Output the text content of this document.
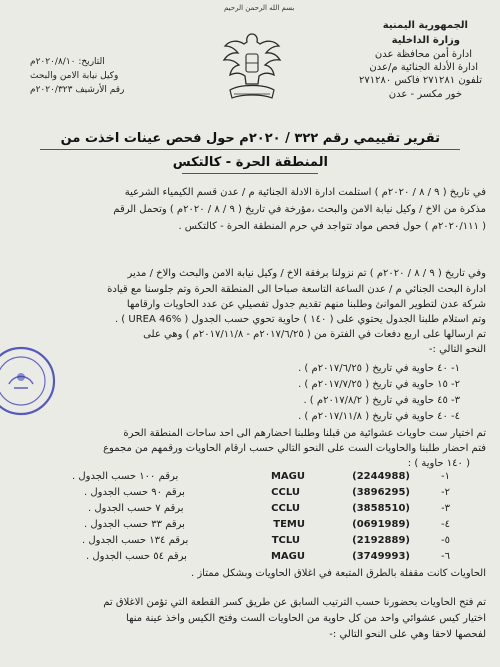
بسم الله الرحمن الرحيم
الجمهورية اليمنية
وزارة الداخلية
ادارة أمن محافظة عدن
ادارة الأدلة الجنائية م/عدن
تلفون ٢٧١٢٨١ فاكس ٢٧١٢٨٠
خور مكسر - عدن
التاريخ: ٢٠٢٠/٨/١٠م
وكيل نيابة الامن والبحث
رقم الأرشيف ٢٠٢٠/٣٢٣م
تقرير تقييمي رقم ٣٢٢ / ٢٠٢٠م حول فحص عينات اخذت من
المنطقة الحرة - كالتكس
في تاريخ ( ٩ / ٨ / ٢٠٢٠م ) استلمت ادارة الادلة الجنائية م / عدن قسم الكيمياء الشرعية
مذكرة من الاخ / وكيل نيابة الامن والبحث ،مؤرخة في تاريخ ( ٩ / ٨ / ٢٠٢٠م ) وتحمل الرقم
( ٢٠٢٠/١١١م ) حول فحص مواد تتواجد في حرم المنطقة الحرة - كالتكس .
وفي تاريخ ( ٩ / ٨ / ٢٠٢٠م ) تم نزولنا برفقة الاخ / وكيل نيابة الامن والبحث والاخ / مدير
ادارة البحث الجنائي م / عدن الساعة التاسعة صباحا الى المنطقة الحرة وتم جلوسنا مع قيادة
شركة عدن لتطوير الموانئ وطلبنا منهم تقديم جدول تفصيلي عن عدد الحاويات وارقامها
وتم استلام طلبنا الجدول يحتوي على ( ١٤٠ ) حاوية تحوي حسب الجدول ( UREA 46% ) .
تم ارسالها على اربع دفعات في الفترة من ( ٢٠١٧/٦/٢٥م - ٢٠١٧/١١/٨م ) وهي على
النحو التالي :-
١- ٤٠ حاوية في تاريخ ( ٢٠١٧/٦/٢٥م ) .
٢- ١٥ حاوية في تاريخ ( ٢٠١٧/٧/٢٥م ) .
٣- ٤٥ حاوية في تاريخ ( ٢٠١٧/٨/٢م ) .
٤- ٤٠ حاوية في تاريخ ( ٢٠١٧/١١/٨م ) .
تم اختيار ست حاويات عشوائية من قبلنا وطلبنا احضارهم الى احد ساحات المنطقة الحرة
فتم احضار طلبنا والحاويات الست على النحو التالي حسب ارقام الحاويات ورقمهم من مجموع
( ١٤٠ حاوية ) :
١-
MAGU	(2244988)
برقم ١٠٠ حسب الجدول .
٢-
CCLU	(3896295)
برقم ٩٠ حسب الجدول .
٣-
CCLU	(3858510)
برقم ٧ حسب الجدول .
٤-
TEMU	(0691989)
برقم ٣٣ حسب الجدول .
٥-
TCLU	(2192889)
برقم ١٣٤ حسب الجدول .
٦-
MAGU	(3749993)
برقم ٥٤ حسب الجدول .
الحاويات كانت مقفلة بالطرق المتبعة في اغلاق الحاويات وبشكل ممتاز .
تم فتح الحاويات بحضورنا حسب الترتيب السابق عن طريق كسر القطعة التي تؤمن الاغلاق تم
اختيار كيس عشوائي واحد من كل حاوية من الحاويات الست وفتح الكيس واخذ عينة منها
لفحصها لاحقا وهي على النحو التالي :-
